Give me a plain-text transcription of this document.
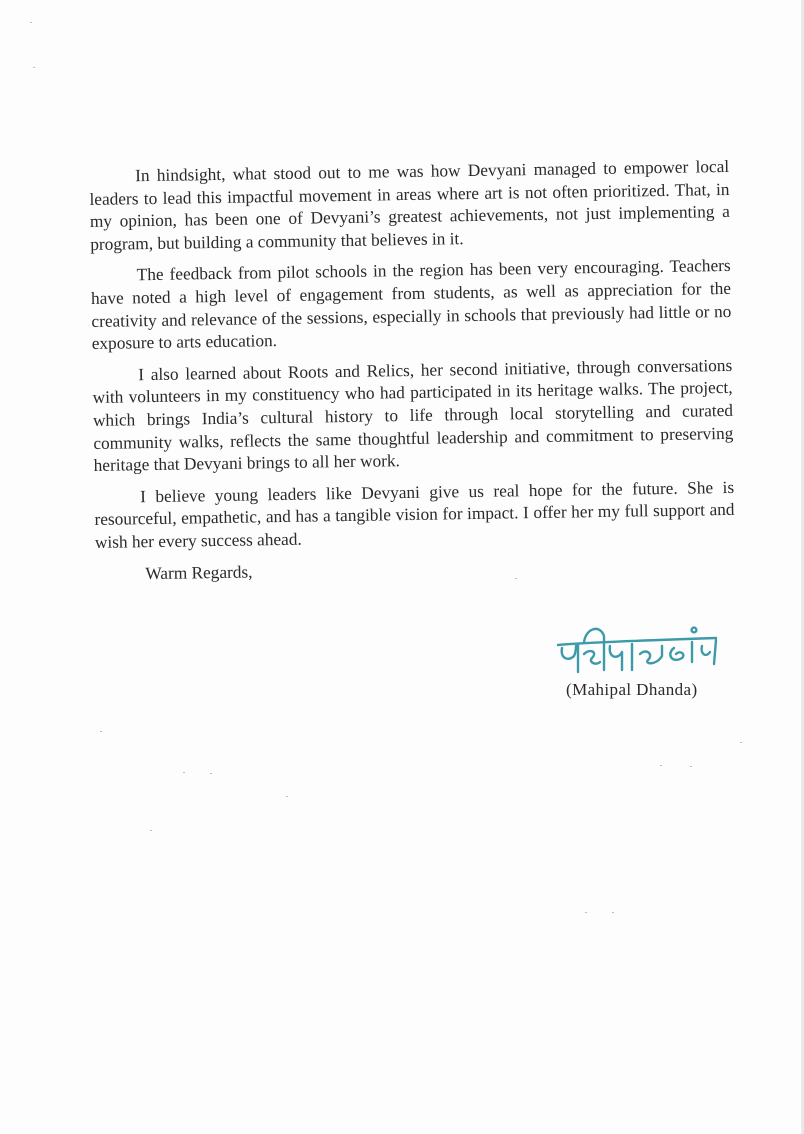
In hindsight, what stood out to me was how Devyani managed to empower local leaders to lead this impactful movement in areas where art is not often prioritized. That, in my opinion, has been one of Devyani’s greatest achievements, not just implementing a program, but building a community that believes in it.

The feedback from pilot schools in the region has been very encouraging. Teachers have noted a high level of engagement from students, as well as appreciation for the creativity and relevance of the sessions, especially in schools that previously had little or no exposure to arts education.

I also learned about Roots and Relics, her second initiative, through conversations with volunteers in my constituency who had participated in its heritage walks. The project, which brings India’s cultural history to life through local storytelling and curated community walks, reflects the same thoughtful leadership and commitment to preserving heritage that Devyani brings to all her work.

I believe young leaders like Devyani give us real hope for the future. She is resourceful, empathetic, and has a tangible vision for impact. I offer her my full support and wish her every success ahead.

Warm Regards,

(Mahipal Dhanda)
